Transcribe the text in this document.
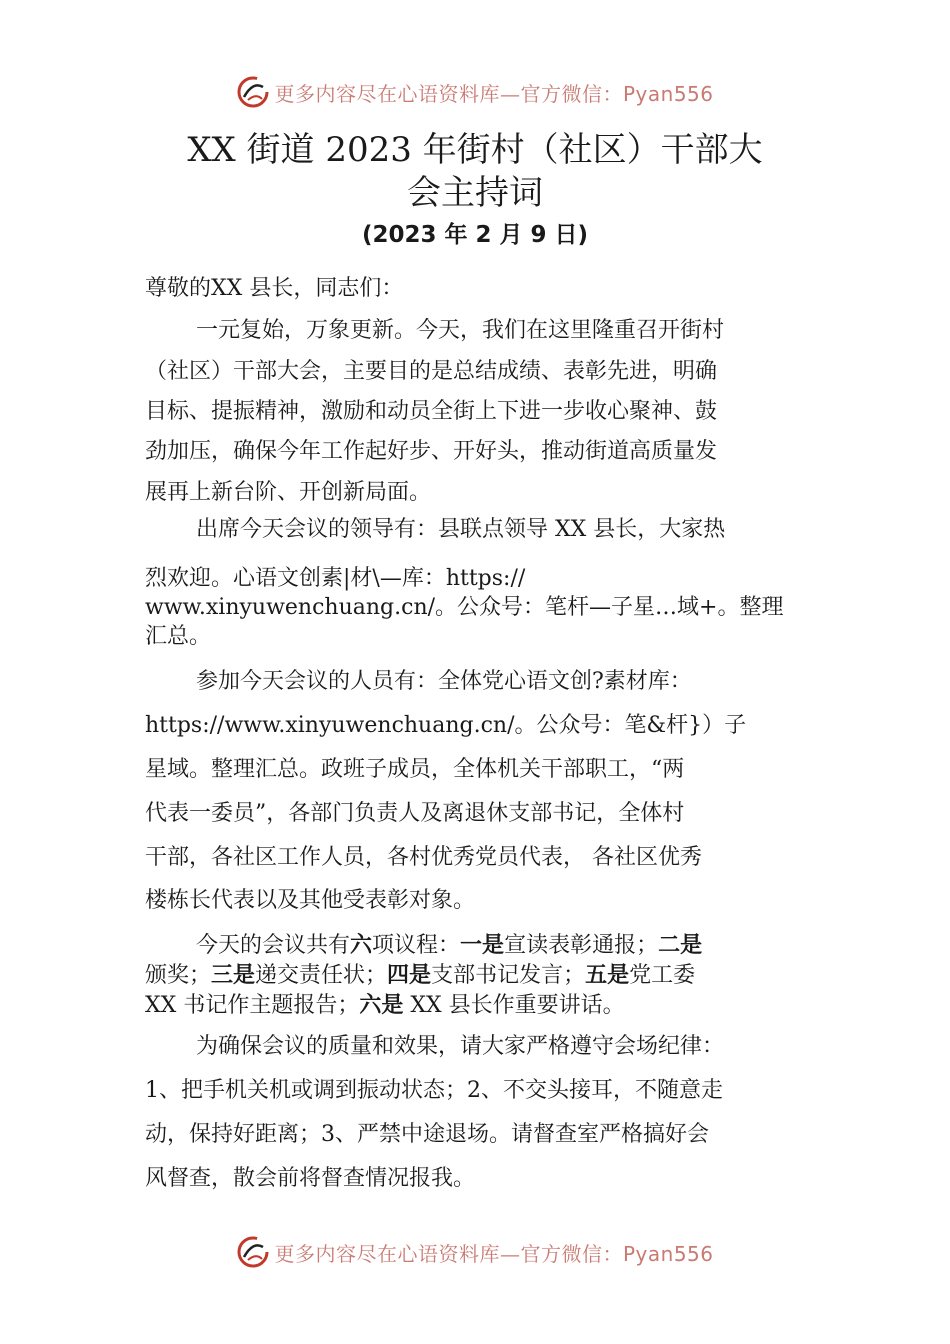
更多内容尽在心语资料库—官方微信：Pyan556
XX 街道 2023 年街村（社区）干部大
会主持词
(2023 年 2 月 9 日)
尊敬的XX 县长，同志们：
一元复始，万象更新。今天，我们在这里隆重召开街村
（社区）干部大会，主要目的是总结成绩、表彰先进，明确
目标、提振精神，激励和动员全街上下进一步收心聚神、鼓
劲加压，确保今年工作起好步、开好头，推动街道高质量发
展再上新台阶、开创新局面。
出席今天会议的领导有：县联点领导 XX 县长，大家热
烈欢迎。心语文创素|材\—库：https://
www.xinyuwenchuang.cn/。公众号：笔杆—子星…域+。整理
汇总。
参加今天会议的人员有：全体党心语文创?素材库：
https://www.xinyuwenchuang.cn/。公众号：笔&杆}）子
星域。整理汇总。政班子成员，全体机关干部职工，“两
代表一委员”，各部门负责人及离退休支部书记，全体村
干部，各社区工作人员，各村优秀党员代表， 各社区优秀
楼栋长代表以及其他受表彰对象。
今天的会议共有六项议程：一是宣读表彰通报；二是
颁奖；三是递交责任状；四是支部书记发言；五是党工委
XX 书记作主题报告；六是 XX 县长作重要讲话。
为确保会议的质量和效果，请大家严格遵守会场纪律：
1、把手机关机或调到振动状态；2、不交头接耳，不随意走
动，保持好距离；3、严禁中途退场。请督查室严格搞好会
风督查，散会前将督查情况报我。
更多内容尽在心语资料库—官方微信：Pyan556
